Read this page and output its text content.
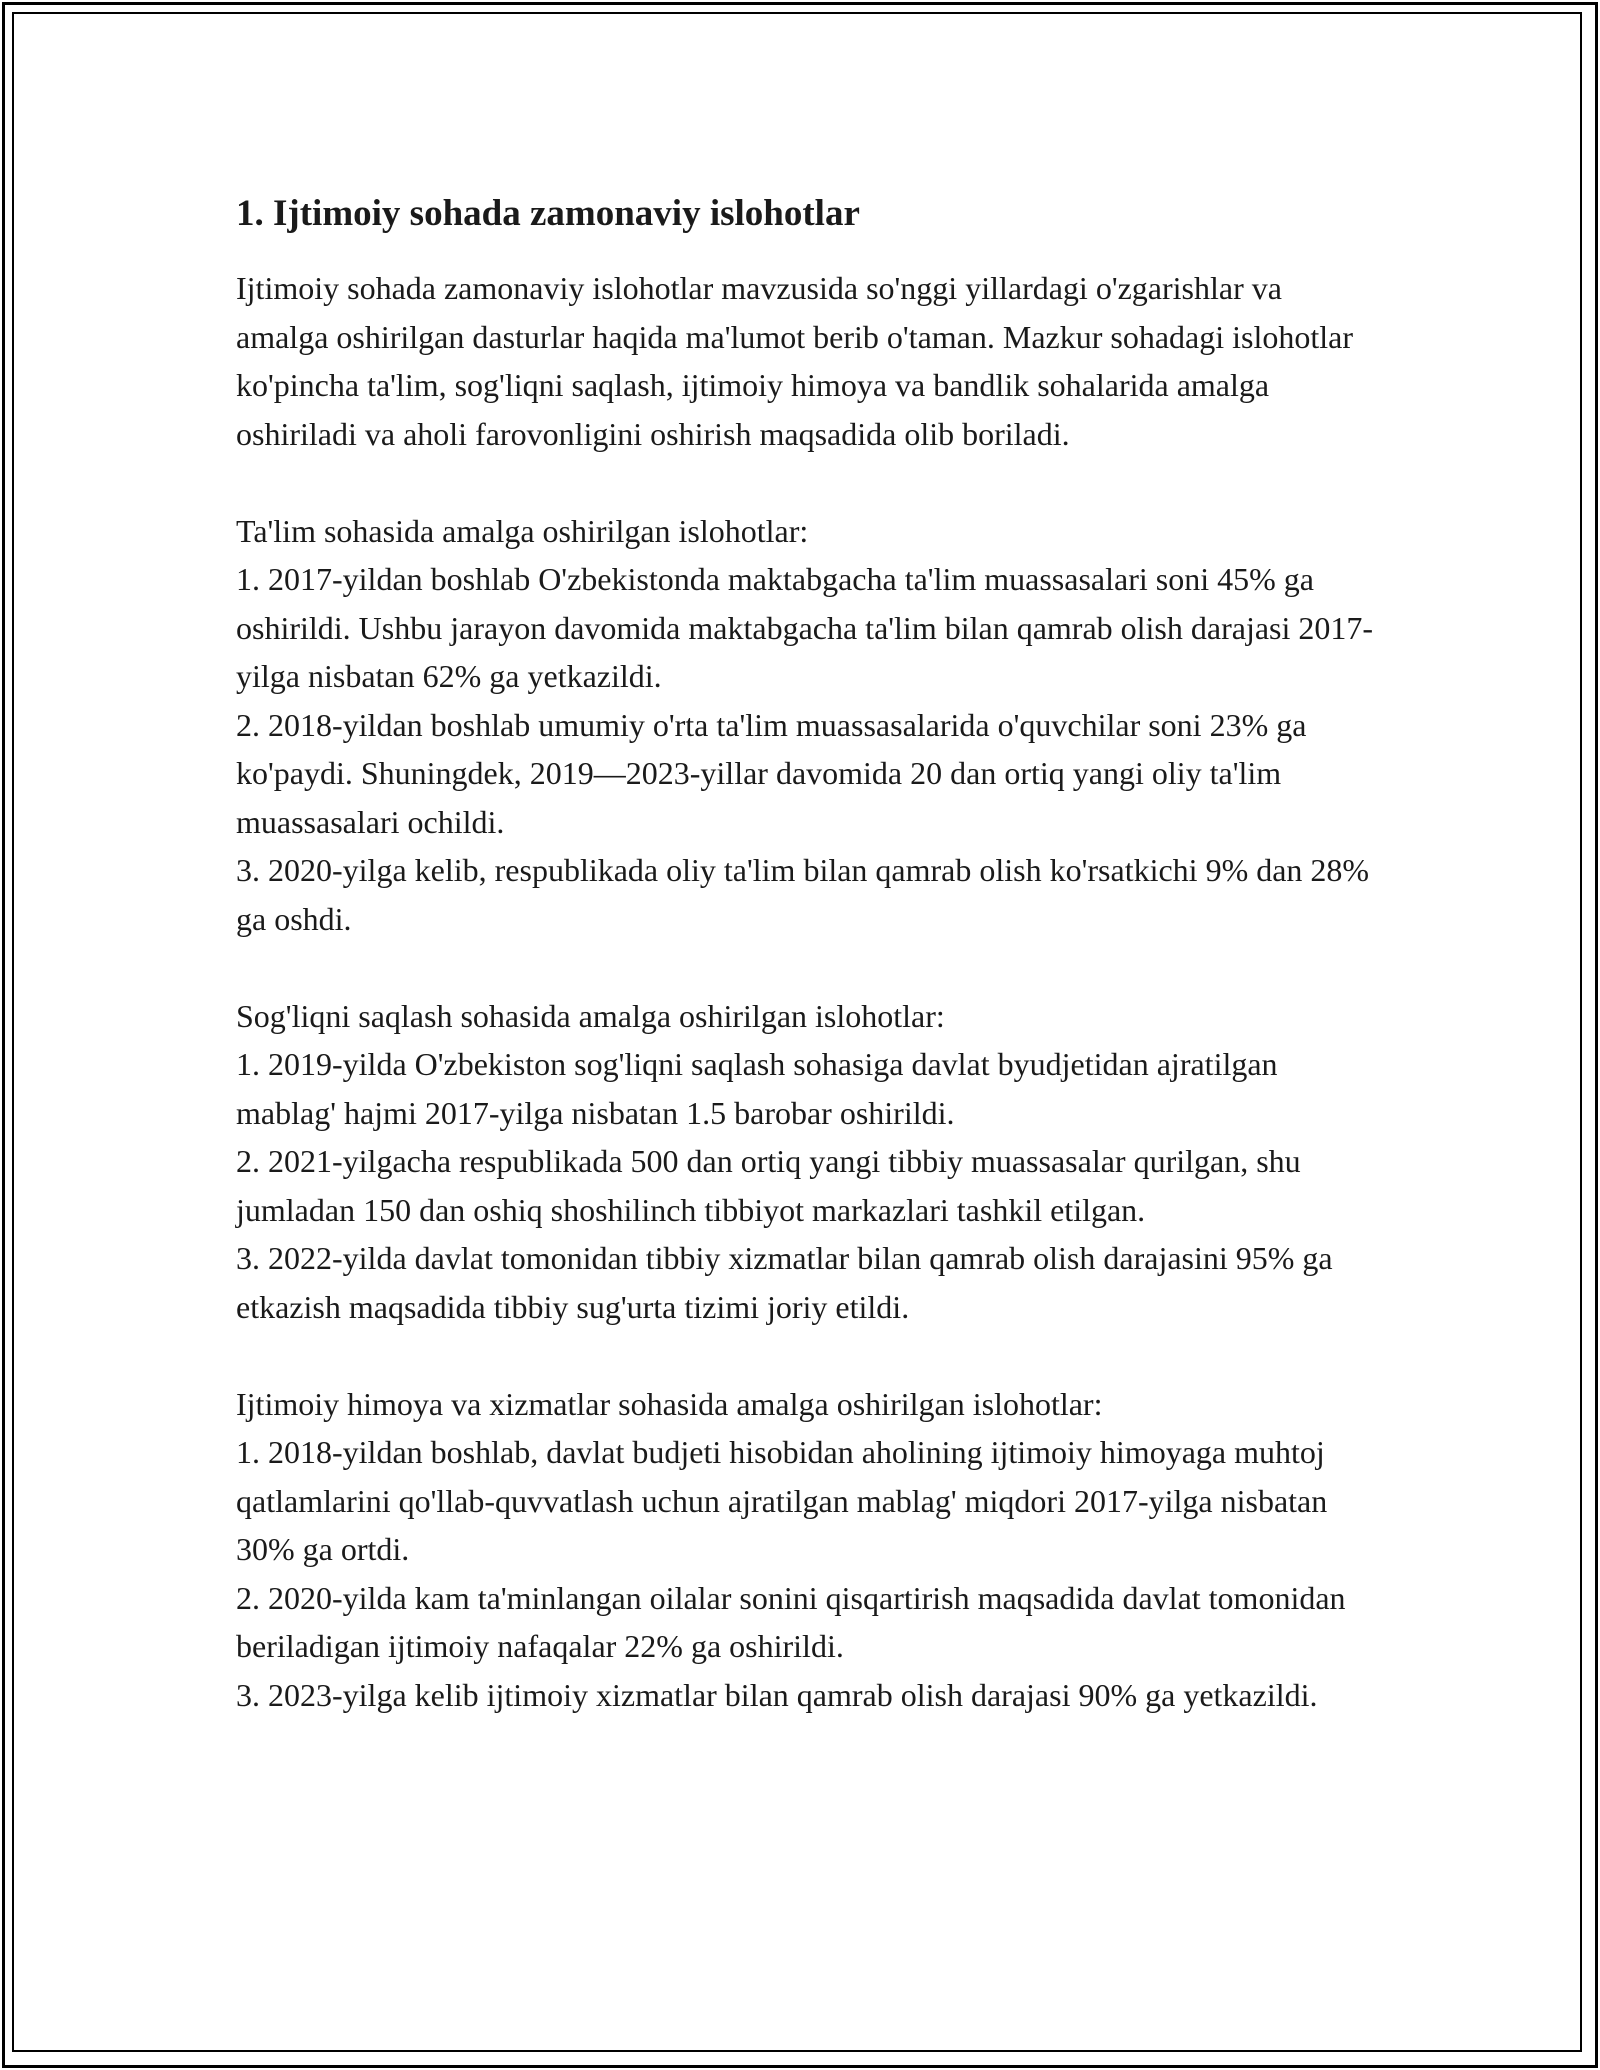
1. Ijtimoiy sohada zamonaviy islohotlar

Ijtimoiy sohada zamonaviy islohotlar mavzusida so'nggi yillardagi o'zgarishlar va amalga oshirilgan dasturlar haqida ma'lumot berib o'taman. Mazkur sohadagi islohotlar ko'pincha ta'lim, sog'liqni saqlash, ijtimoiy himoya va bandlik sohalarida amalga oshiriladi va aholi farovonligini oshirish maqsadida olib boriladi.

Ta'lim sohasida amalga oshirilgan islohotlar:

1. 2017-yildan boshlab O'zbekistonda maktabgacha ta'lim muassasalari soni 45% ga oshirildi. Ushbu jarayon davomida maktabgacha ta'lim bilan qamrab olish darajasi 2017-yilga nisbatan 62% ga yetkazildi.

2. 2018-yildan boshlab umumiy o'rta ta'lim muassasalarida o'quvchilar soni 23% ga ko'paydi. Shuningdek, 2019—2023-yillar davomida 20 dan ortiq yangi oliy ta'lim muassasalari ochildi.

3. 2020-yilga kelib, respublikada oliy ta'lim bilan qamrab olish ko'rsatkichi 9% dan 28% ga oshdi.

Sog'liqni saqlash sohasida amalga oshirilgan islohotlar:

1. 2019-yilda O'zbekiston sog'liqni saqlash sohasiga davlat byudjetidan ajratilgan mablag' hajmi 2017-yilga nisbatan 1.5 barobar oshirildi.

2. 2021-yilgacha respublikada 500 dan ortiq yangi tibbiy muassasalar qurilgan, shu jumladan 150 dan oshiq shoshilinch tibbiyot markazlari tashkil etilgan.

3. 2022-yilda davlat tomonidan tibbiy xizmatlar bilan qamrab olish darajasini 95% ga etkazish maqsadida tibbiy sug'urta tizimi joriy etildi.

Ijtimoiy himoya va xizmatlar sohasida amalga oshirilgan islohotlar:

1. 2018-yildan boshlab, davlat budjeti hisobidan aholining ijtimoiy himoyaga muhtoj qatlamlarini qo'llab-quvvatlash uchun ajratilgan mablag' miqdori 2017-yilga nisbatan 30% ga ortdi.

2. 2020-yilda kam ta'minlangan oilalar sonini qisqartirish maqsadida davlat tomonidan beriladigan ijtimoiy nafaqalar 22% ga oshirildi.

3. 2023-yilga kelib ijtimoiy xizmatlar bilan qamrab olish darajasi 90% ga yetkazildi.
